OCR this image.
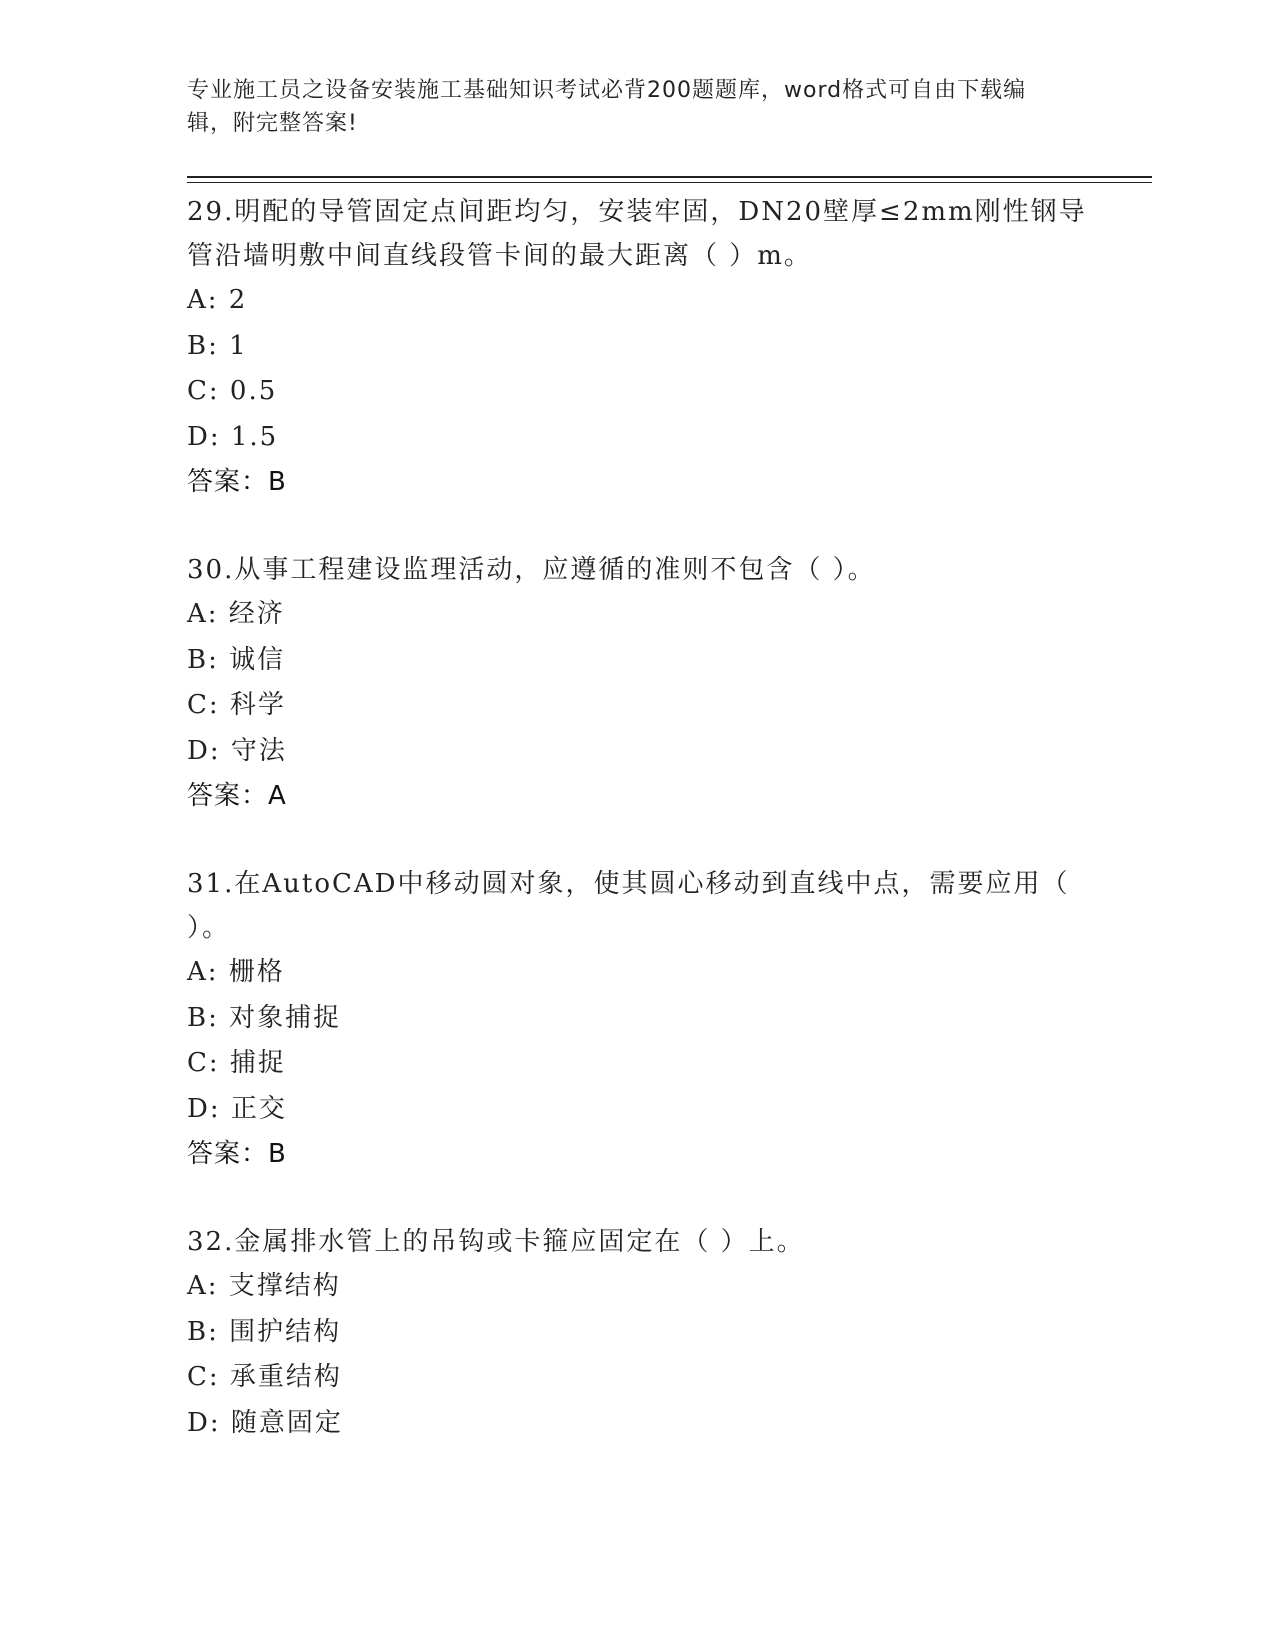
专业施工员之设备安装施工基础知识考试必背200题题库，word格式可自由下载编辑，附完整答案!

29.明配的导管固定点间距均匀，安装牢固，DN20壁厚≤2mm刚性钢导管沿墙明敷中间直线段管卡间的最大距离（ ）m。

A: 2

B: 1

C: 0.5

D: 1.5

答案：B

30.从事工程建设监理活动，应遵循的准则不包含（ ）。

A: 经济

B: 诚信

C: 科学

D: 守法

答案：A

31.在AutoCAD中移动圆对象，使其圆心移动到直线中点，需要应用（ ）。

A: 栅格

B: 对象捕捉

C: 捕捉

D: 正交

答案：B

32.金属排水管上的吊钩或卡箍应固定在（ ）上。

A: 支撑结构

B: 围护结构

C: 承重结构

D: 随意固定
